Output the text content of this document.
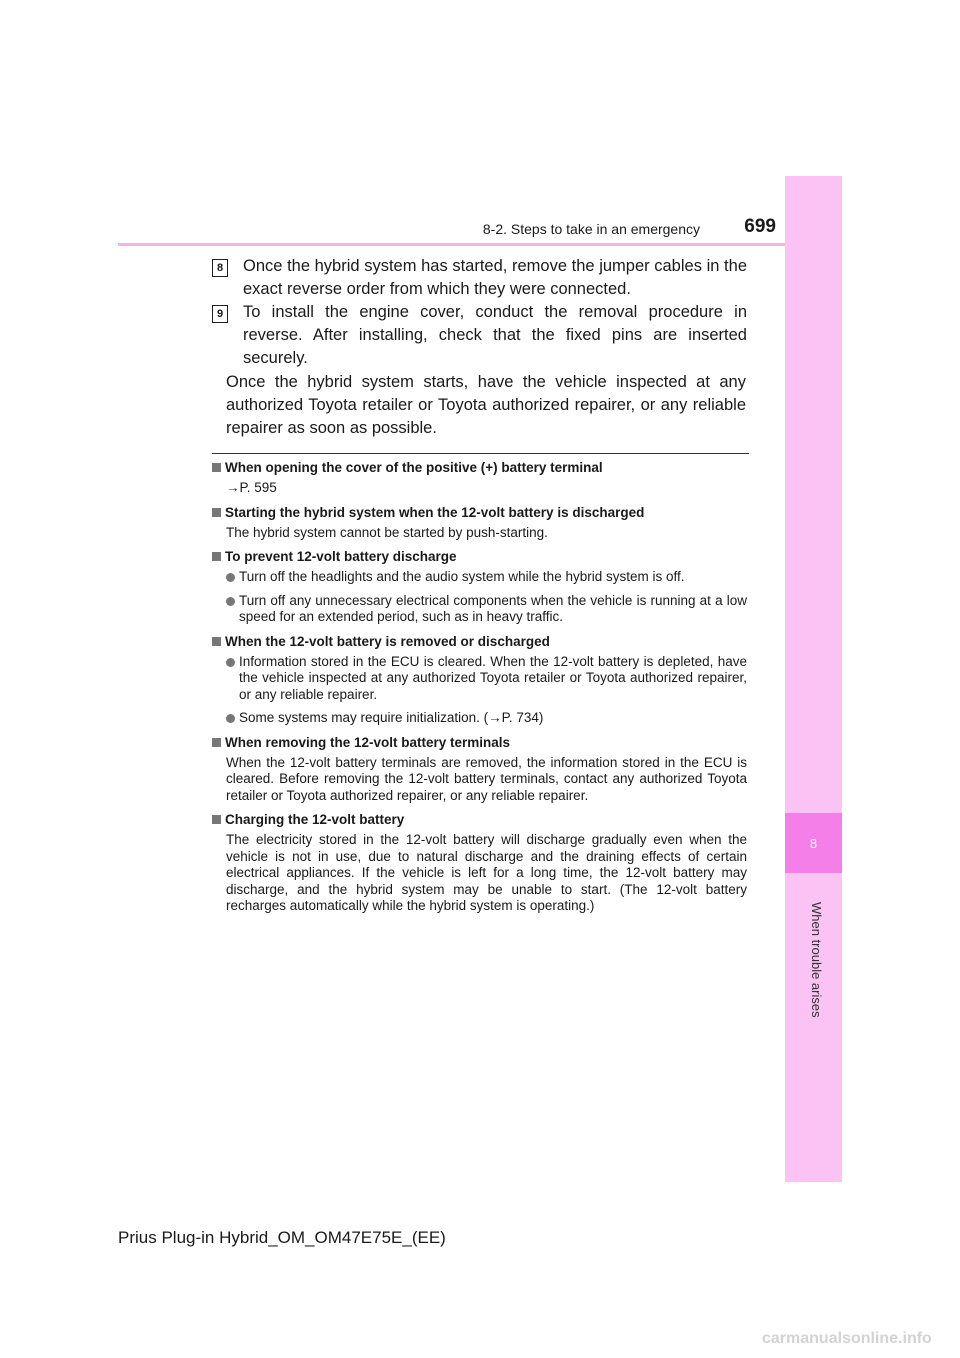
8
When trouble arises
8-2. Steps to take in an emergency	699
8 Once the hybrid system has started, remove the jumper cables in the exact reverse order from which they were connected.
9 To install the engine cover, conduct the removal procedure in reverse. After installing, check that the fixed pins are inserted securely.
Once the hybrid system starts, have the vehicle inspected at any authorized Toyota retailer or Toyota authorized repairer, or any reliable repairer as soon as possible.
When opening the cover of the positive (+) battery terminal
→P. 595
Starting the hybrid system when the 12-volt battery is discharged
The hybrid system cannot be started by push-starting.
To prevent 12-volt battery discharge
Turn off the headlights and the audio system while the hybrid system is off.
Turn off any unnecessary electrical components when the vehicle is running at a low speed for an extended period, such as in heavy traffic.
When the 12-volt battery is removed or discharged
Information stored in the ECU is cleared. When the 12-volt battery is depleted, have the vehicle inspected at any authorized Toyota retailer or Toyota authorized repairer, or any reliable repairer.
Some systems may require initialization. (→P. 734)
When removing the 12-volt battery terminals
When the 12-volt battery terminals are removed, the information stored in the ECU is cleared. Before removing the 12-volt battery terminals, contact any authorized Toyota retailer or Toyota authorized repairer, or any reliable repairer.
Charging the 12-volt battery
The electricity stored in the 12-volt battery will discharge gradually even when the vehicle is not in use, due to natural discharge and the draining effects of certain electrical appliances. If the vehicle is left for a long time, the 12-volt battery may discharge, and the hybrid system may be unable to start. (The 12-volt battery recharges automatically while the hybrid system is operating.)
Prius Plug-in Hybrid_OM_OM47E75E_(EE)
carmanualsonline.info
